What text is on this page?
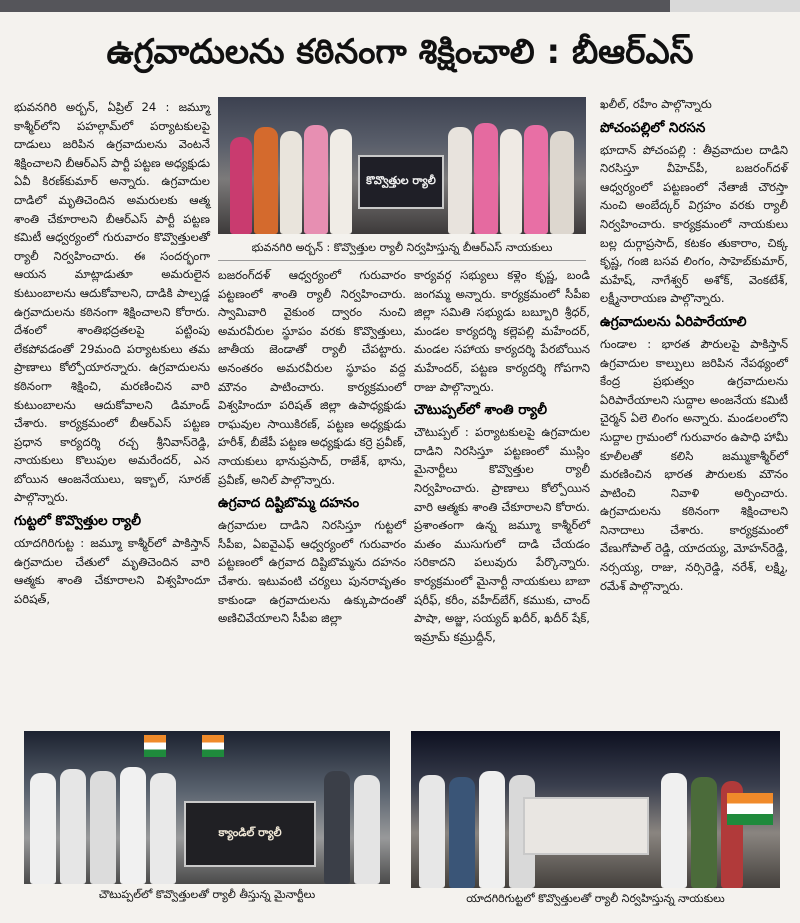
ఉగ్రవాదులను కఠినంగా శిక్షించాలి : బీఆర్ఎస్

భువనగిరి అర్బన్, ఏప్రిల్ 24 : జమ్మూ కాశ్మీర్‌లోని పహల్గామ్‌లో పర్యాటకులపై దాడులు జరిపిన ఉగ్రవాదులను వెంటనే శిక్షించాలని బీఆర్ఎస్ పార్టీ పట్టణ అధ్యక్షుడు ఏవీ కిరణ్‌కుమార్ అన్నారు. ఉగ్రవాదుల దాడిలో మృతిచెందిన అమరులకు ఆత్మ శాంతి చేకూరాలని బీఆర్ఎస్ పార్టీ పట్టణ కమిటీ ఆధ్వర్యంలో గురువారం కొవ్వొత్తులతో ర్యాలీ నిర్వహించారు. ఈ సందర్భంగా ఆయన మాట్లాడుతూ అమరులైన కుటుంబాలను ఆదుకోవాలని, దాడికి పాల్పడ్డ ఉగ్రవాదులను కఠినంగా శిక్షించాలని కోరారు. దేశంలో శాంతిభద్రతలపై పట్టింపు లేకపోవడంతో 29మంది పర్యాటకులు తమ ప్రాణాలు కోల్పోయారన్నారు. ఉగ్రవాదులను కఠినంగా శిక్షించి, మరణించిన వారి కుటుంబాలను ఆదుకోవాలని డిమాండ్ చేశారు. కార్యక్రమంలో బీఆర్ఎస్ పట్టణ ప్రధాన కార్యదర్శి రచ్చ శ్రీనివాస్‌రెడ్డి, నాయకులు కొలుపుల అమరేందర్, ఎన బోయిన ఆంజనేయులు, ఇక్బాల్, సూరజ్ పాల్గొన్నారు.

గుట్టలో కొవ్వొత్తుల ర్యాలీ

యాదగిరిగుట్ట : జమ్మూ కాశ్మీర్‌లో పాకిస్తాన్ ఉగ్రవాదుల చేతులో మృతిచెందిన వారి ఆత్మకు శాంతి చేకూరాలని విశ్వహిందూ పరిషత్,

కొవ్వొత్తుల ర్యాలీ
భువనగిరి అర్బన్ : కొవ్వొత్తుల ర్యాలీ నిర్వహిస్తున్న బీఆర్ఎస్ నాయకులు

బజరంగ్‌దళ్ ఆధ్వర్యంలో గురువారం పట్టణంలో శాంతి ర్యాలీ నిర్వహించారు. స్వామివారి వైకుంఠ ద్వారం నుంచి అమరవీరుల స్థూపం వరకు కొవ్వొత్తులు, జాతీయ జెండాతో ర్యాలీ చేపట్టారు. అనంతరం అమరవీరుల స్థూపం వద్ద మౌనం పాటించారు. కార్యక్రమంలో విశ్వహిందూ పరిషత్ జిల్లా ఉపాధ్యక్షుడు రాఘవుల సాయికిరణ్, పట్టణ అధ్యక్షుడు హరీశ్, బీజేపీ పట్టణ అధ్యక్షుడు కర్రె ప్రవీణ్, నాయకులు భానుప్రసాద్, రాజేశ్, భాను, ప్రవీణ్, అనిల్ పాల్గొన్నారు.

ఉగ్రవాద దిష్టిబొమ్మ దహనం

ఉగ్రవాదుల దాడిని నిరసిస్తూ గుట్టలో సీపీఐ, ఏఐవైఎఫ్ ఆధ్వర్యంలో గురువారం పట్టణంలో ఉగ్రవాద దిష్టిబొమ్మను దహనం చేశారు. ఇటువంటి చర్యలు పునరావృతం కాకుండా ఉగ్రవాదులను ఉక్కుపాదంతో అణిచివేయాలని సీపీఐ జిల్లా

కార్యవర్గ సభ్యులు కళ్లెం కృష్ణ, బండి జంగమ్మ అన్నారు. కార్యక్రమంలో సీపీఐ జిల్లా సమితి సభ్యుడు బబ్బూరి శ్రీధర్, మండల కార్యదర్శి కల్లెపల్లి మహేందర్, మండల సహాయ కార్యదర్శి పేరబోయిన మహేందర్, పట్టణ కార్యదర్శి గోపగాని రాజు పాల్గొన్నారు.

చౌటుప్పల్‌లో శాంతి ర్యాలీ

చౌటుప్పల్ : పర్యాటకులపై ఉగ్రవాదుల దాడిని నిరసిస్తూ పట్టణంలో ముస్లిం మైనార్టీలు కొవ్వొత్తుల ర్యాలీ నిర్వహించారు. ప్రాణాలు కోల్పోయిన వారి ఆత్మకు శాంతి చేకూరాలని కోరారు. ప్రశాంతంగా ఉన్న జమ్మూ కాశ్మీర్‌లో మతం ముసుగులో దాడి చేయడం సరికాదని పలువురు పేర్కొన్నారు. కార్యక్రమంలో మైనార్టీ నాయకులు బాబా షరీఫ్, కరీం, వహీద్‌బేగ్, కముకు, చాంద్ పాషా, అజ్జు, సయ్యద్ ఖదీర్, ఖదీర్ షేక్, ఇమ్రామ్ కమ్రుద్దీన్,

ఖలీల్, రహీం పాల్గొన్నారు

పోచంపల్లిలో నిరసన

భూదాన్ పోచంపల్లి : తీవ్రవాదుల దాడిని నిరసిస్తూ వీహెచ్‌పీ, బజరంగ్‌దళ్ ఆధ్వర్యంలో పట్టణంలో నేతాజీ చౌరస్తా నుంచి అంబేద్కర్ విగ్రహం వరకు ర్యాలీ నిర్వహించారు. కార్యక్రమంలో నాయకులు బల్ల దుర్గాప్రసాద్, కటకం తుకారాం, చిక్క కృష్ణ, గంజి బసవ లింగం, సాహెబ్‌కుమార్, మహేష్, నాగేశ్వర్ అశోక్, వెంకటేశ్, లక్ష్మీనారాయణ పాల్గొన్నారు.

ఉగ్రవాదులను ఏరిపారేయాలి

గుండాల : భారత పౌరులపై పాకిస్తాన్ ఉగ్రవాదుల కాల్పులు జరిపిన నేపథ్యంలో కేంద్ర ప్రభుత్వం ఉగ్రవాదులను ఏరిపారేయాలని సుద్దాల అంజనేయ కమిటీ చైర్మన్ ఏలె లింగం అన్నారు. మండలంలోని సుద్దాల గ్రామంలో గురువారం ఉపాధి హామీ కూలీలతో కలిసి జమ్ముకాశ్మీర్‌లో మరణించిన భారత పౌరులకు మౌనం పాటించి నివాళి అర్పించారు. ఉగ్రవాదులను కఠినంగా శిక్షించాలని నినాదాలు చేశారు. కార్యక్రమంలో వేణుగోపాల్ రెడ్డి, యాదయ్య, మోహన్‌రెడ్డి, నర్సయ్య, రాజు, నర్సిరెడ్డి, నరేశ్, లక్ష్మి, రమేశ్ పాల్గొన్నారు.

క్యాండిల్ ర్యాలీ
చౌటుప్పల్‌లో కొవ్వొత్తులతో ర్యాలీ తీస్తున్న మైనార్టీలు	యాదగిరిగుట్టలో కొవ్వొత్తులతో ర్యాలీ నిర్వహిస్తున్న నాయకులు
